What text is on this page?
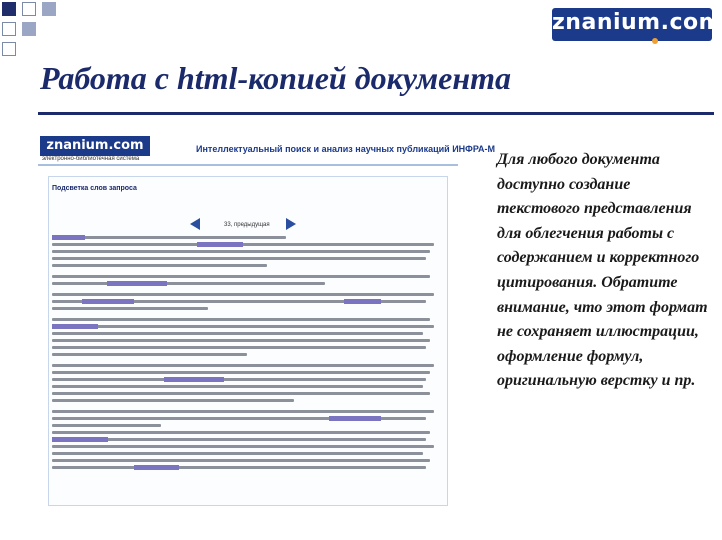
znanium.com
Работа с html-копией документа
znanium.com
электронно-библиотечная система
Интеллектуальный поиск и анализ научных публикаций ИНФРА-М
Подсветка слов запроса
33, предыдущая

Для любого документа доступно создание текстового представления для облегчения работы с содержанием и корректного цитирования. Обратите внимание, что этот формат не сохраняет иллюстрации, оформление формул, оригинальную верстку и пр.
